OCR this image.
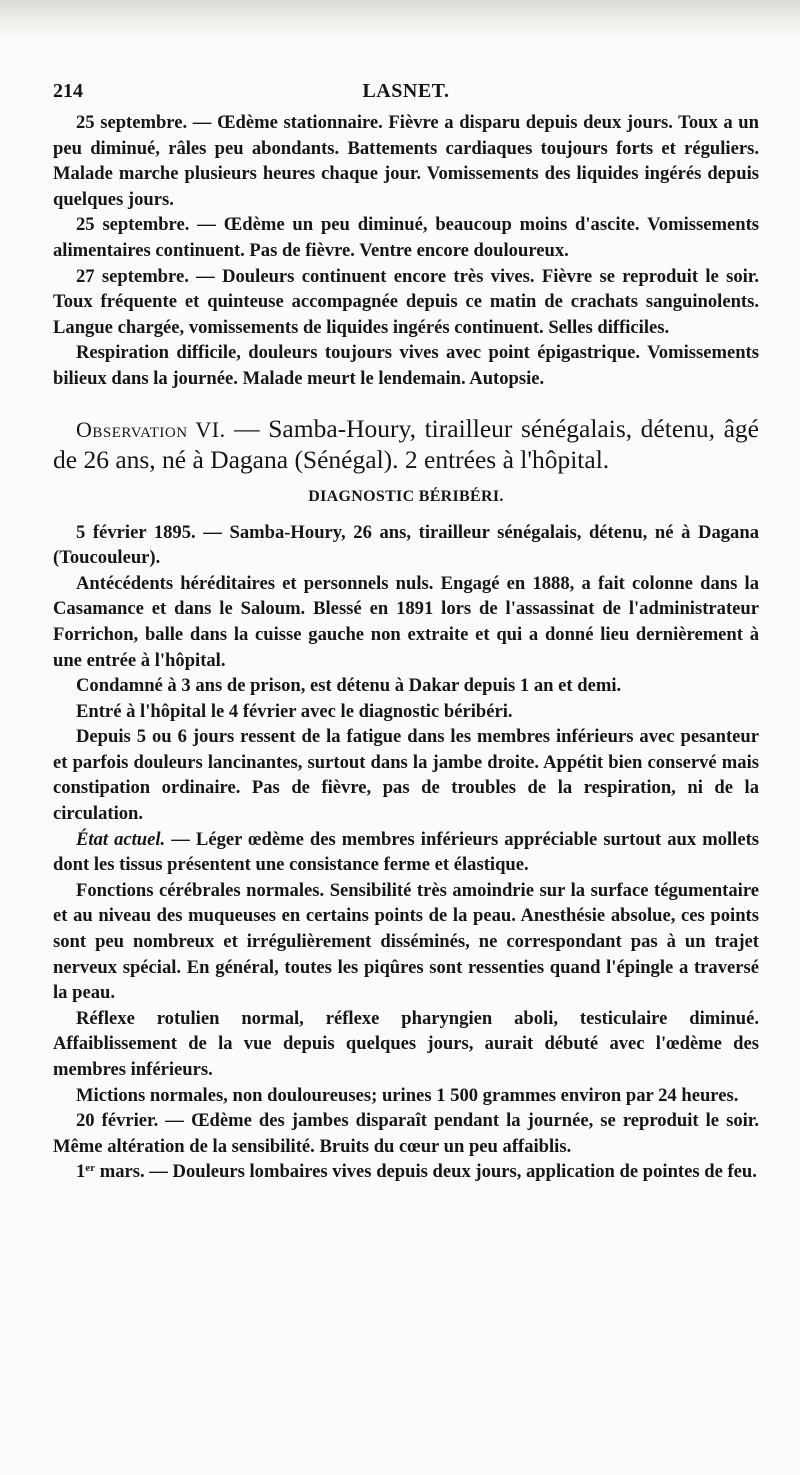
214	LASNET.

25 septembre. — Œdème stationnaire. Fièvre a disparu depuis deux jours. Toux a un peu diminué, râles peu abondants. Battements cardiaques toujours forts et réguliers. Malade marche plusieurs heures chaque jour. Vomissements des liquides ingérés depuis quelques jours.

25 septembre. — Œdème un peu diminué, beaucoup moins d'ascite. Vomissements alimentaires continuent. Pas de fièvre. Ventre encore douloureux.

27 septembre. — Douleurs continuent encore très vives. Fièvre se reproduit le soir. Toux fréquente et quinteuse accompagnée depuis ce matin de crachats sanguinolents. Langue chargée, vomissements de liquides ingérés continuent. Selles difficiles.

Respiration difficile, douleurs toujours vives avec point épigastrique. Vomissements bilieux dans la journée. Malade meurt le lendemain. Autopsie.

Observation VI. — Samba-Houry, tirailleur sénégalais, détenu, âgé de 26 ans, né à Dagana (Sénégal). 2 entrées à l'hôpital.

DIAGNOSTIC BÉRIBÉRI.

5 février 1895. — Samba-Houry, 26 ans, tirailleur sénégalais, détenu, né à Dagana (Toucouleur).

Antécédents héréditaires et personnels nuls. Engagé en 1888, a fait colonne dans la Casamance et dans le Saloum. Blessé en 1891 lors de l'assassinat de l'administrateur Forrichon, balle dans la cuisse gauche non extraite et qui a donné lieu dernièrement à une entrée à l'hôpital.

Condamné à 3 ans de prison, est détenu à Dakar depuis 1 an et demi.

Entré à l'hôpital le 4 février avec le diagnostic béribéri.

Depuis 5 ou 6 jours ressent de la fatigue dans les membres inférieurs avec pesanteur et parfois douleurs lancinantes, surtout dans la jambe droite. Appétit bien conservé mais constipation ordinaire. Pas de fièvre, pas de troubles de la respiration, ni de la circulation.

État actuel. — Léger œdème des membres inférieurs appréciable surtout aux mollets dont les tissus présentent une consistance ferme et élastique.

Fonctions cérébrales normales. Sensibilité très amoindrie sur la surface tégumentaire et au niveau des muqueuses en certains points de la peau. Anesthésie absolue, ces points sont peu nombreux et irrégulièrement disséminés, ne correspondant pas à un trajet nerveux spécial. En général, toutes les piqûres sont ressenties quand l'épingle a traversé la peau.

Réflexe rotulien normal, réflexe pharyngien aboli, testiculaire diminué. Affaiblissement de la vue depuis quelques jours, aurait débuté avec l'œdème des membres inférieurs.

Mictions normales, non douloureuses; urines 1 500 grammes environ par 24 heures.

20 février. — Œdème des jambes disparaît pendant la journée, se reproduit le soir. Même altération de la sensibilité. Bruits du cœur un peu affaiblis.

1er mars. — Douleurs lombaires vives depuis deux jours, application de pointes de feu.
